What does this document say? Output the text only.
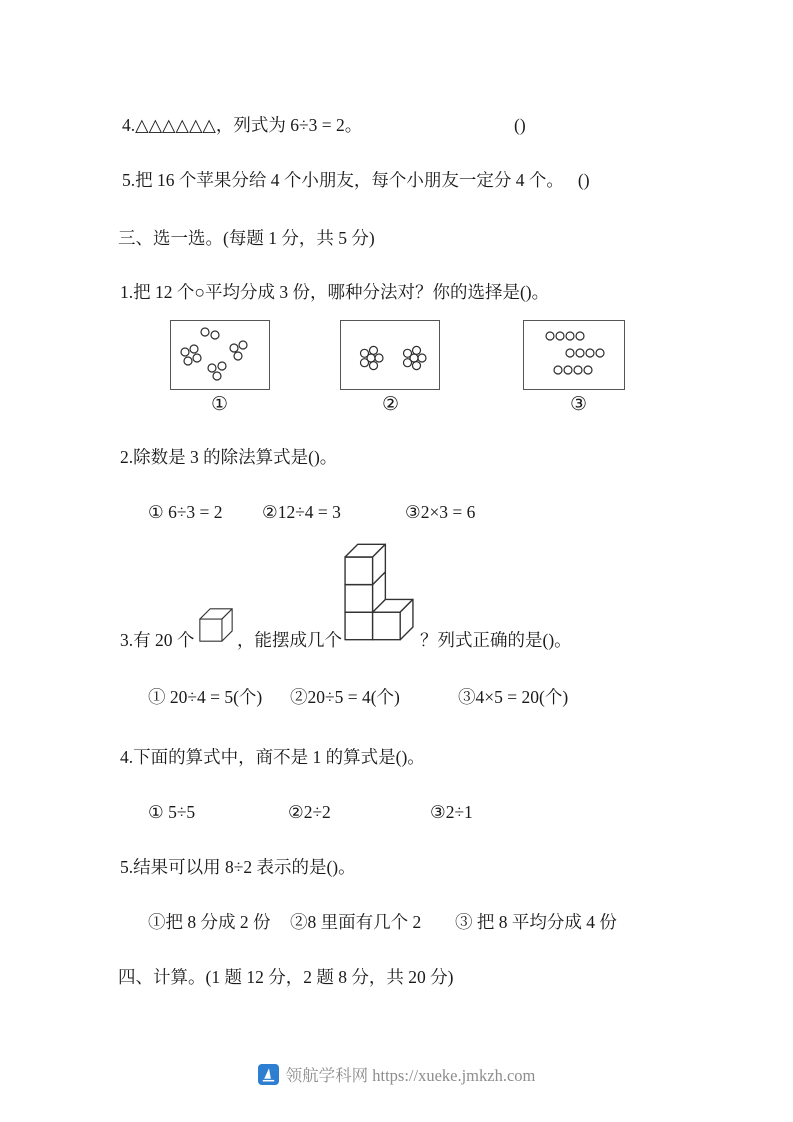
4.△△△△△△，列式为 6÷3 = 2。	()
5.把 16 个苹果分给 4 个小朋友，每个小朋友一定分 4 个。 ()
三、选一选。(每题 1 分，共 5 分)
1.把 12 个○平均分成 3 份，哪种分法对？你的选择是()。
①	②	③
2.除数是 3 的除法算式是()。
① 6÷3 = 2 ②12÷4 = 3	③2×3 = 6
3.有 20 个 ，能摆成几个	？列式正确的是()。
① 20÷4 = 5(个) ②20÷5 = 4(个)	③4×5 = 20(个)
4.下面的算式中，商不是 1 的算式是()。
① 5÷5	②2÷2	③2÷1
5.结果可以用 8÷2 表示的是()。
①把 8 分成 2 份 ②8 里面有几个 2 ③ 把 8 平均分成 4 份
四、计算。(1 题 12 分，2 题 8 分，共 20 分)
领航学科网 https://xueke.jmkzh.com
